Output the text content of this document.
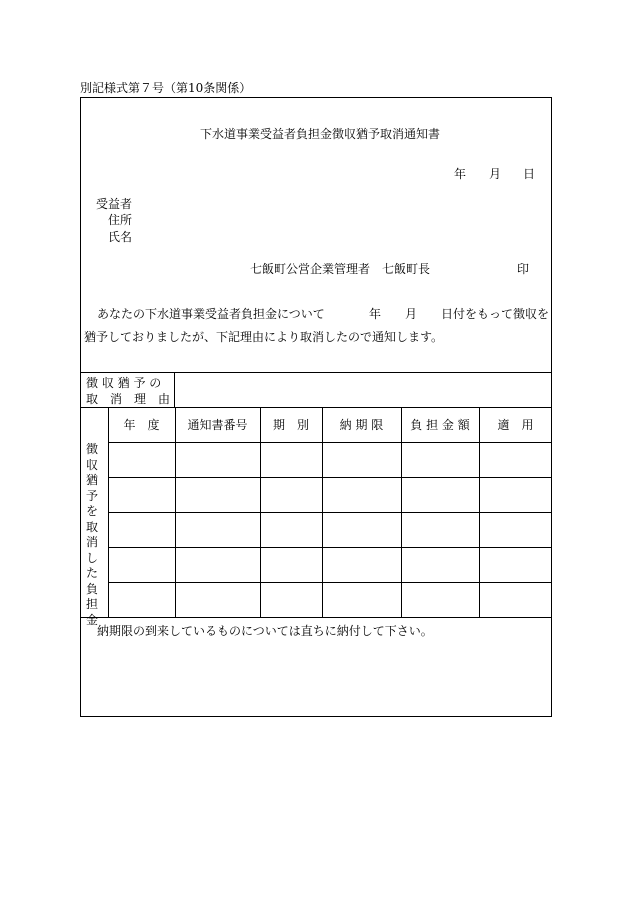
別記様式第７号（第10条関係）
下水道事業受益者負担金徴収猶予取消通知書
年 月 日
受益者
住所
氏名
七飯町公営企業管理者　七飯町長	印
あなたの下水道事業受益者負担金について	年 月 日付をもって徴収を
猶予しておりましたが、下記理由により取消したので通知します。
徴 収 猶 予 の
取　消　理　由
徴収猶予を取消した負担金
年　度	通知書番号	期　別	納 期 限	負 担 金 額	適　用
納期限の到来しているものについては直ちに納付して下さい。
